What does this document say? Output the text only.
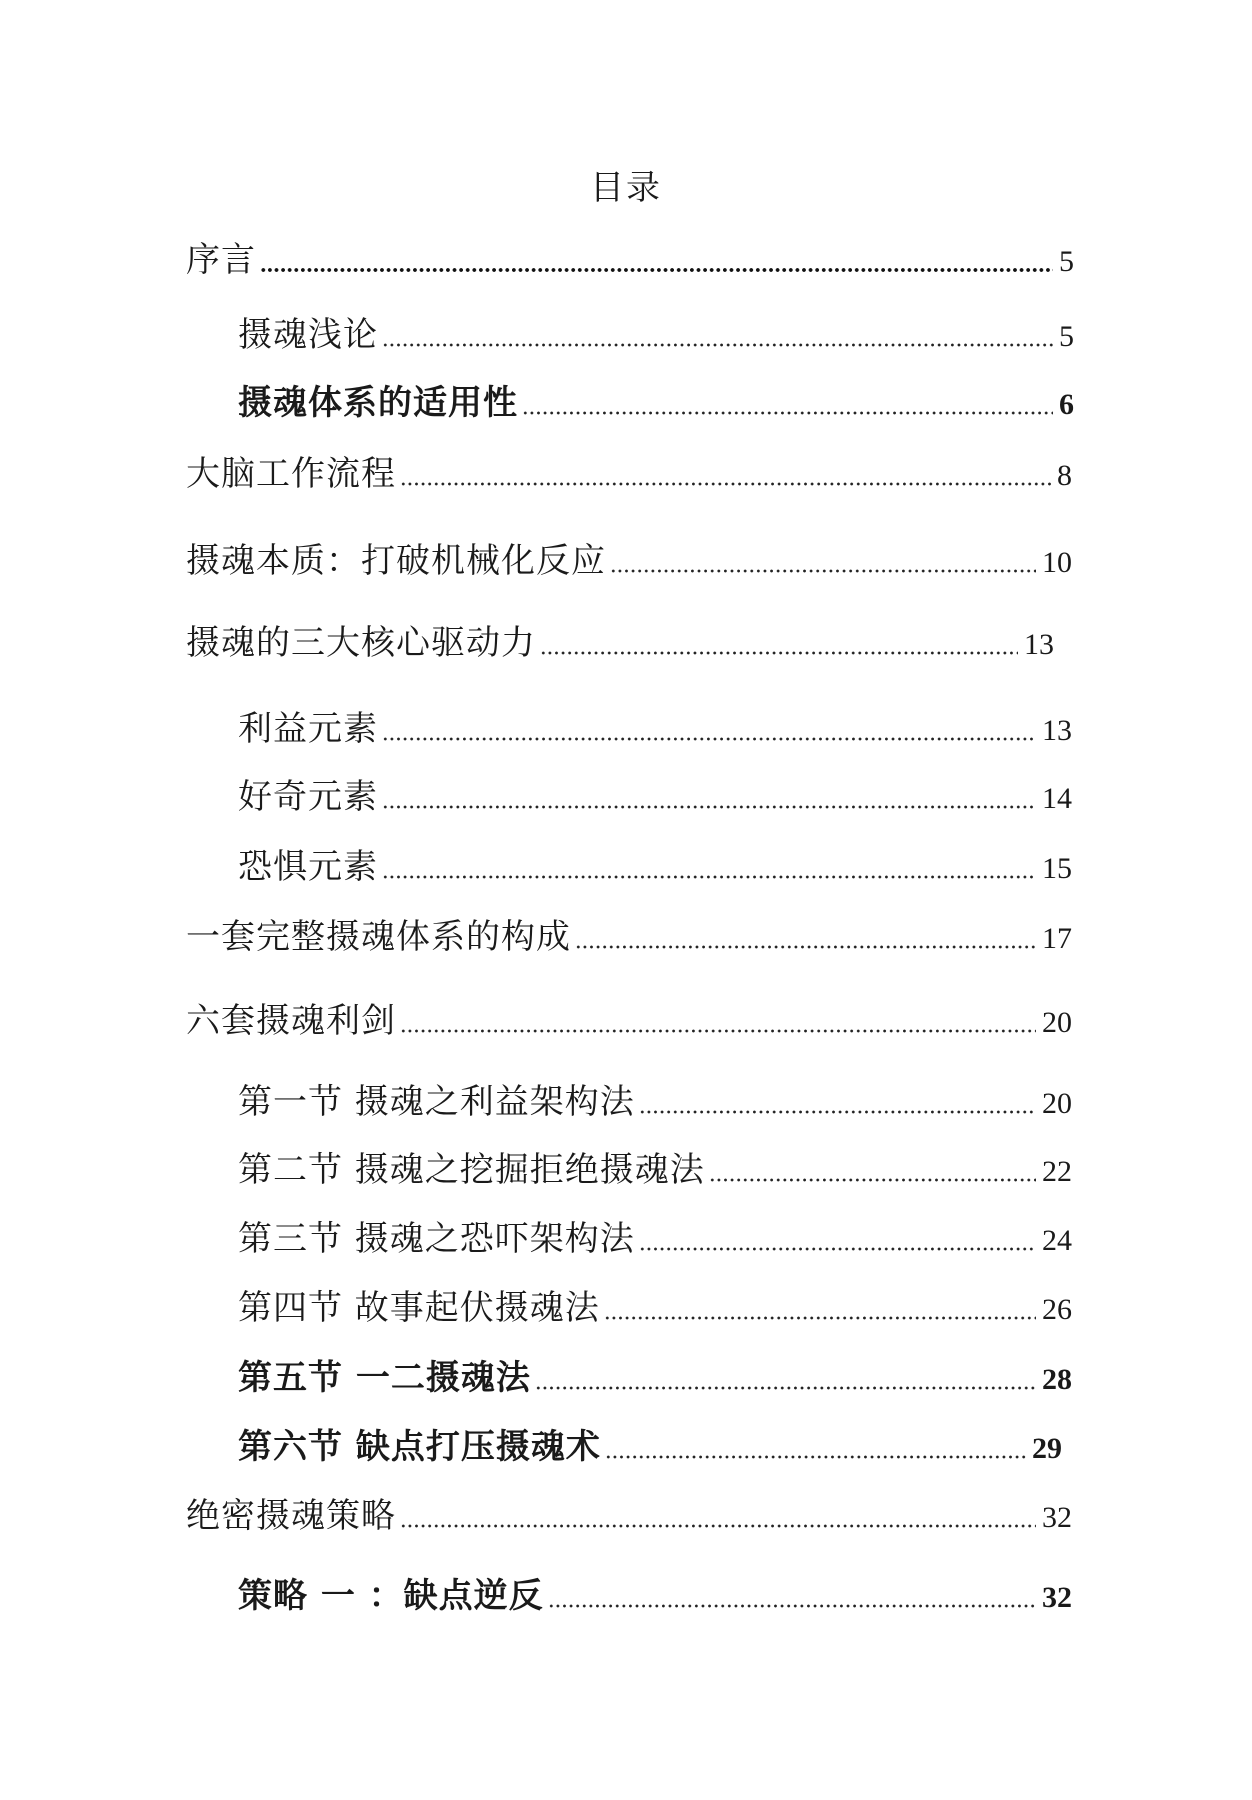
目录
序言	5
摄魂浅论	5
摄魂体系的适用性	6
大脑工作流程	8
摄魂本质：打破机械化反应	10
摄魂的三大核心驱动力	13
利益元素	13
好奇元素	14
恐惧元素	15
一套完整摄魂体系的构成	17
六套摄魂利剑	20
第一节 摄魂之利益架构法	20
第二节 摄魂之挖掘拒绝摄魂法	22
第三节 摄魂之恐吓架构法	24
第四节 故事起伏摄魂法	26
第五节 一二摄魂法	28
第六节 缺点打压摄魂术	29
绝密摄魂策略	32
策略 一 ：缺点逆反	32
